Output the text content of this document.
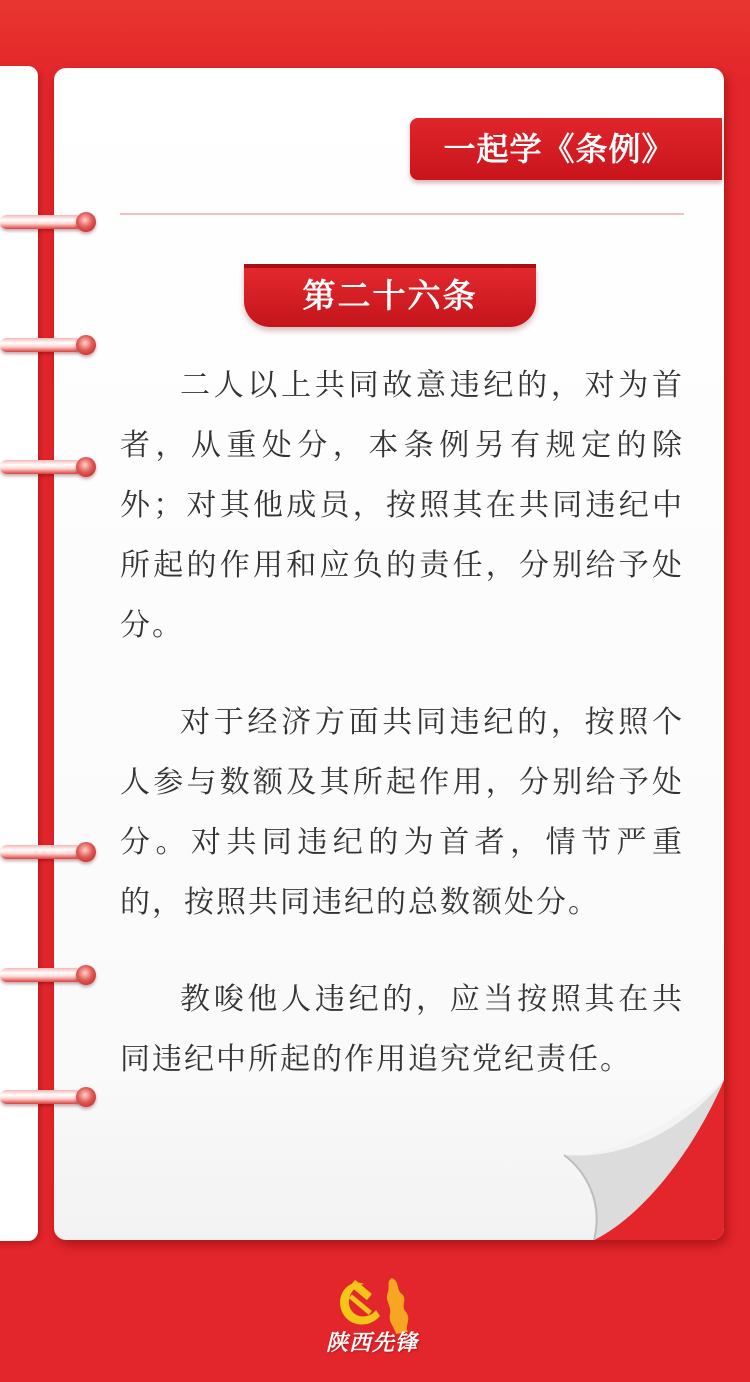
一起学《条例》
第二十六条

二人以上共同故意违纪的，对为首者，从重处分，本条例另有规定的除外；对其他成员，按照其在共同违纪中所起的作用和应负的责任，分别给予处分。

对于经济方面共同违纪的，按照个人参与数额及其所起作用，分别给予处分。对共同违纪的为首者，情节严重的，按照共同违纪的总数额处分。

教唆他人违纪的，应当按照其在共同违纪中所起的作用追究党纪责任。

陕西先锋
